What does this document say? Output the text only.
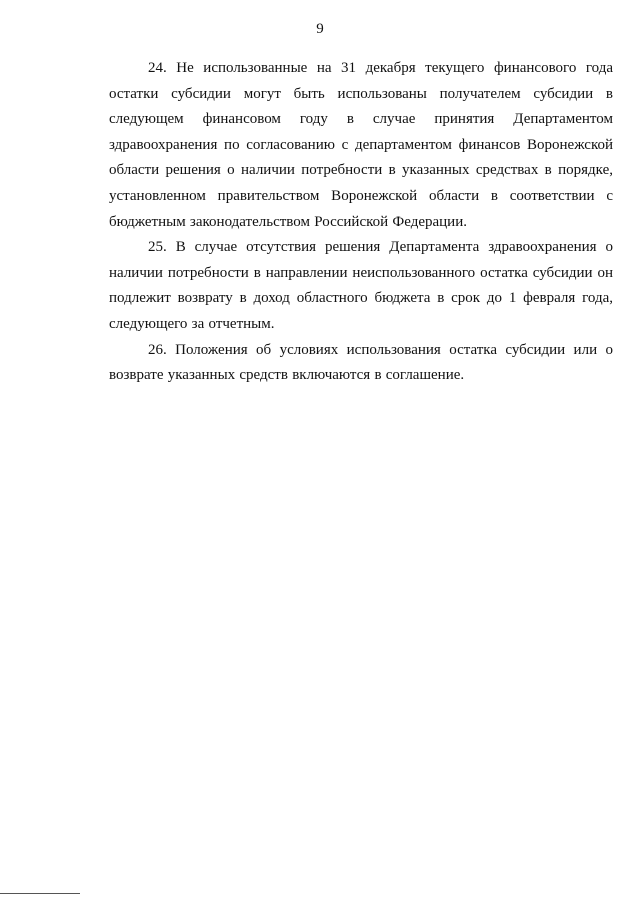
9

24. Не использованные на 31 декабря текущего финансового года остатки субсидии могут быть использованы получателем субсидии в следующем финансовом году в случае принятия Департаментом здравоохранения по согласованию с департаментом финансов Воронежской области решения о наличии потребности в указанных средствах в порядке, установленном правительством Воронежской области в соответствии с бюджетным законодательством Российской Федерации.

25. В случае отсутствия решения Департамента здравоохранения о наличии потребности в направлении неиспользованного остатка субсидии он подлежит возврату в доход областного бюджета в срок до 1 февраля года, следующего за отчетным.

26. Положения об условиях использования остатка субсидии или о возврате указанных средств включаются в соглашение.
